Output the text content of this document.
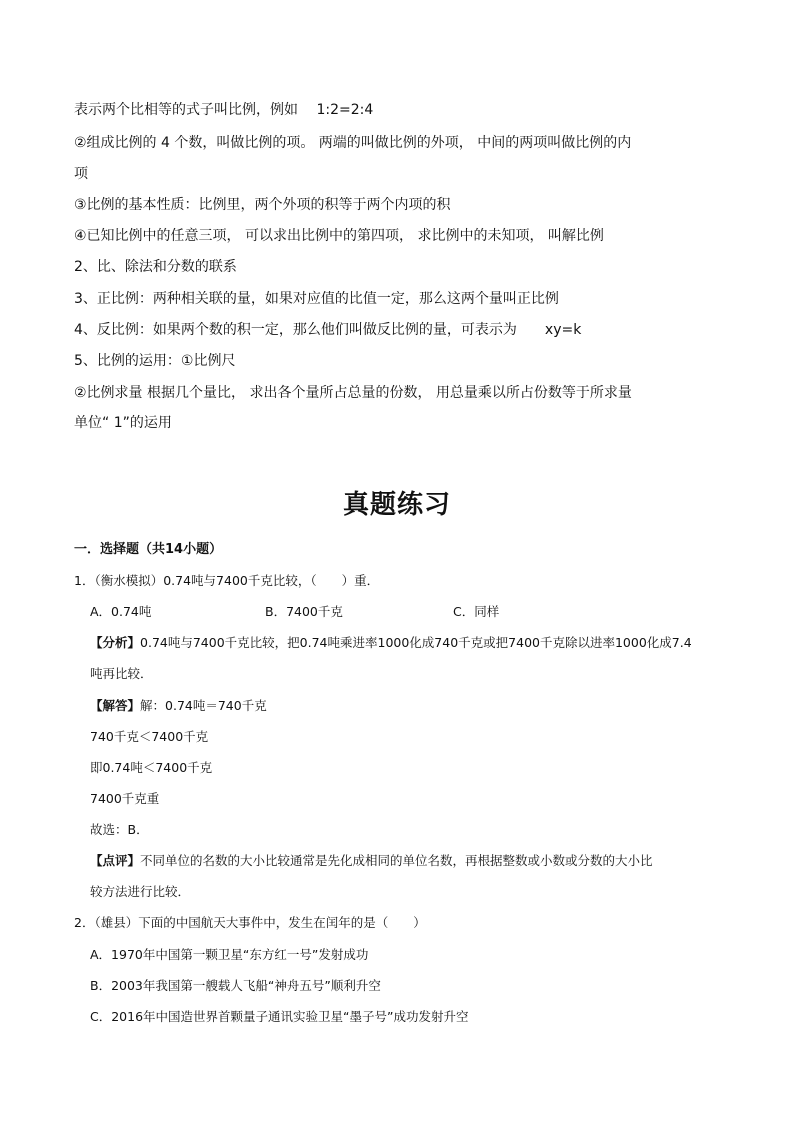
表示两个比相等的式子叫比例，例如　 1:2=2:4
②组成比例的 4 个数，叫做比例的项。 两端的叫做比例的外项， 中间的两项叫做比例的内
项
③比例的基本性质：比例里，两个外项的积等于两个内项的积
④已知比例中的任意三项， 可以求出比例中的第四项， 求比例中的未知项， 叫解比例
2、比、除法和分数的联系
3、正比例：两种相关联的量，如果对应值的比值一定，那么这两个量叫正比例
4、反比例：如果两个数的积一定，那么他们叫做反比例的量，可表示为　　xy=k
5、比例的运用：①比例尺
②比例求量 根据几个量比， 求出各个量所占总量的份数， 用总量乘以所占份数等于所求量
单位“ 1”的运用
真题练习
一．选择题（共14小题）
1．（衡水模拟）0.74吨与7400千克比较，（　　）重．
A．0.74吨	B．7400千克	C．同样
【分析】0.74吨与7400千克比较，把0.74吨乘进率1000化成740千克或把7400千克除以进率1000化成7.4
吨再比较．
【解答】解：0.74吨＝740千克
740千克＜7400千克
即0.74吨＜7400千克
7400千克重
故选：B．
【点评】不同单位的名数的大小比较通常是先化成相同的单位名数，再根据整数或小数或分数的大小比
较方法进行比较．
2．（雄县）下面的中国航天大事件中，发生在闰年的是（　　）
A．1970年中国第一颗卫星“东方红一号”发射成功
B．2003年我国第一艘载人飞船“神舟五号”顺利升空
C．2016年中国造世界首颗量子通讯实验卫星“墨子号”成功发射升空
